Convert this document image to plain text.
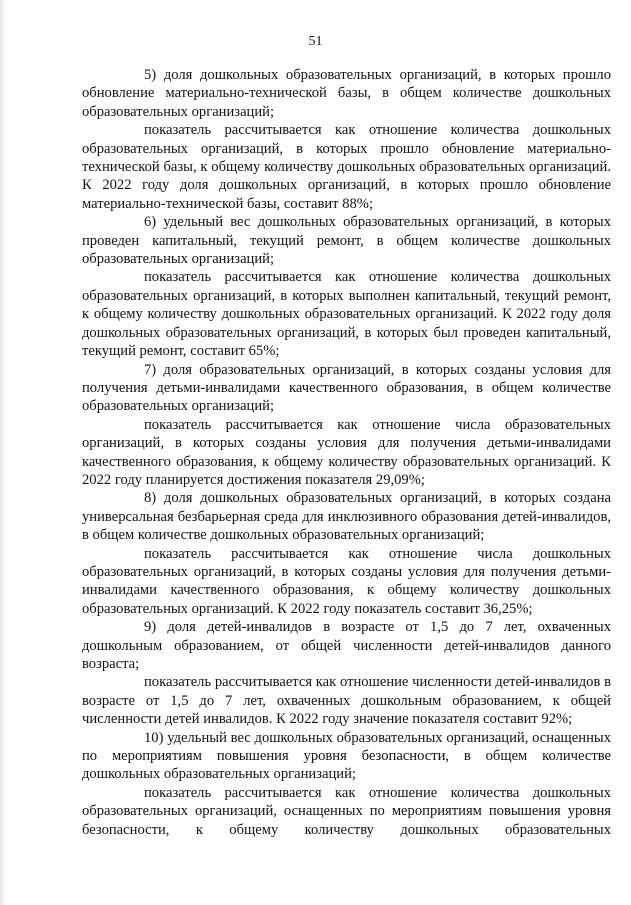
51

5) доля дошкольных образовательных организаций, в которых прошло обновление материально-технической базы, в общем количестве дошкольных образовательных организаций;

показатель рассчитывается как отношение количества дошкольных образовательных организаций, в которых прошло обновление материально-технической базы, к общему количеству дошкольных образовательных организаций. К 2022 году доля дошкольных организаций, в которых прошло обновление материально-технической базы, составит 88%;

6) удельный вес дошкольных образовательных организаций, в которых проведен капитальный, текущий ремонт, в общем количестве дошкольных образовательных организаций;

показатель рассчитывается как отношение количества дошкольных образовательных организаций, в которых выполнен капитальный, текущий ремонт, к общему количеству дошкольных образовательных организаций. К 2022 году доля дошкольных образовательных организаций, в которых был проведен капитальный, текущий ремонт, составит 65%;

7) доля образовательных организаций, в которых созданы условия для получения детьми-инвалидами качественного образования, в общем количестве образовательных организаций;

показатель рассчитывается как отношение числа образовательных организаций, в которых созданы условия для получения детьми-инвалидами качественного образования, к общему количеству образовательных организаций. К 2022 году планируется достижения показателя 29,09%;

8) доля дошкольных образовательных организаций, в которых создана универсальная безбарьерная среда для инклюзивного образования детей-инвалидов, в общем количестве дошкольных образовательных организаций;

показатель рассчитывается как отношение числа дошкольных образовательных организаций, в которых созданы условия для получения детьми-инвалидами качественного образования, к общему количеству дошкольных образовательных организаций. К 2022 году показатель составит 36,25%;

9) доля детей-инвалидов в возрасте от 1,5 до 7 лет, охваченных дошкольным образованием, от общей численности детей-инвалидов данного возраста;

показатель рассчитывается как отношение численности детей-инвалидов в возрасте от 1,5 до 7 лет, охваченных дошкольным образованием, к общей численности детей инвалидов. К 2022 году значение показателя составит 92%;

10) удельный вес дошкольных образовательных организаций, оснащенных по мероприятиям повышения уровня безопасности, в общем количестве дошкольных образовательных организаций;

показатель рассчитывается как отношение количества дошкольных образовательных организаций, оснащенных по мероприятиям повышения уровня безопасности, к общему количеству дошкольных образовательных
